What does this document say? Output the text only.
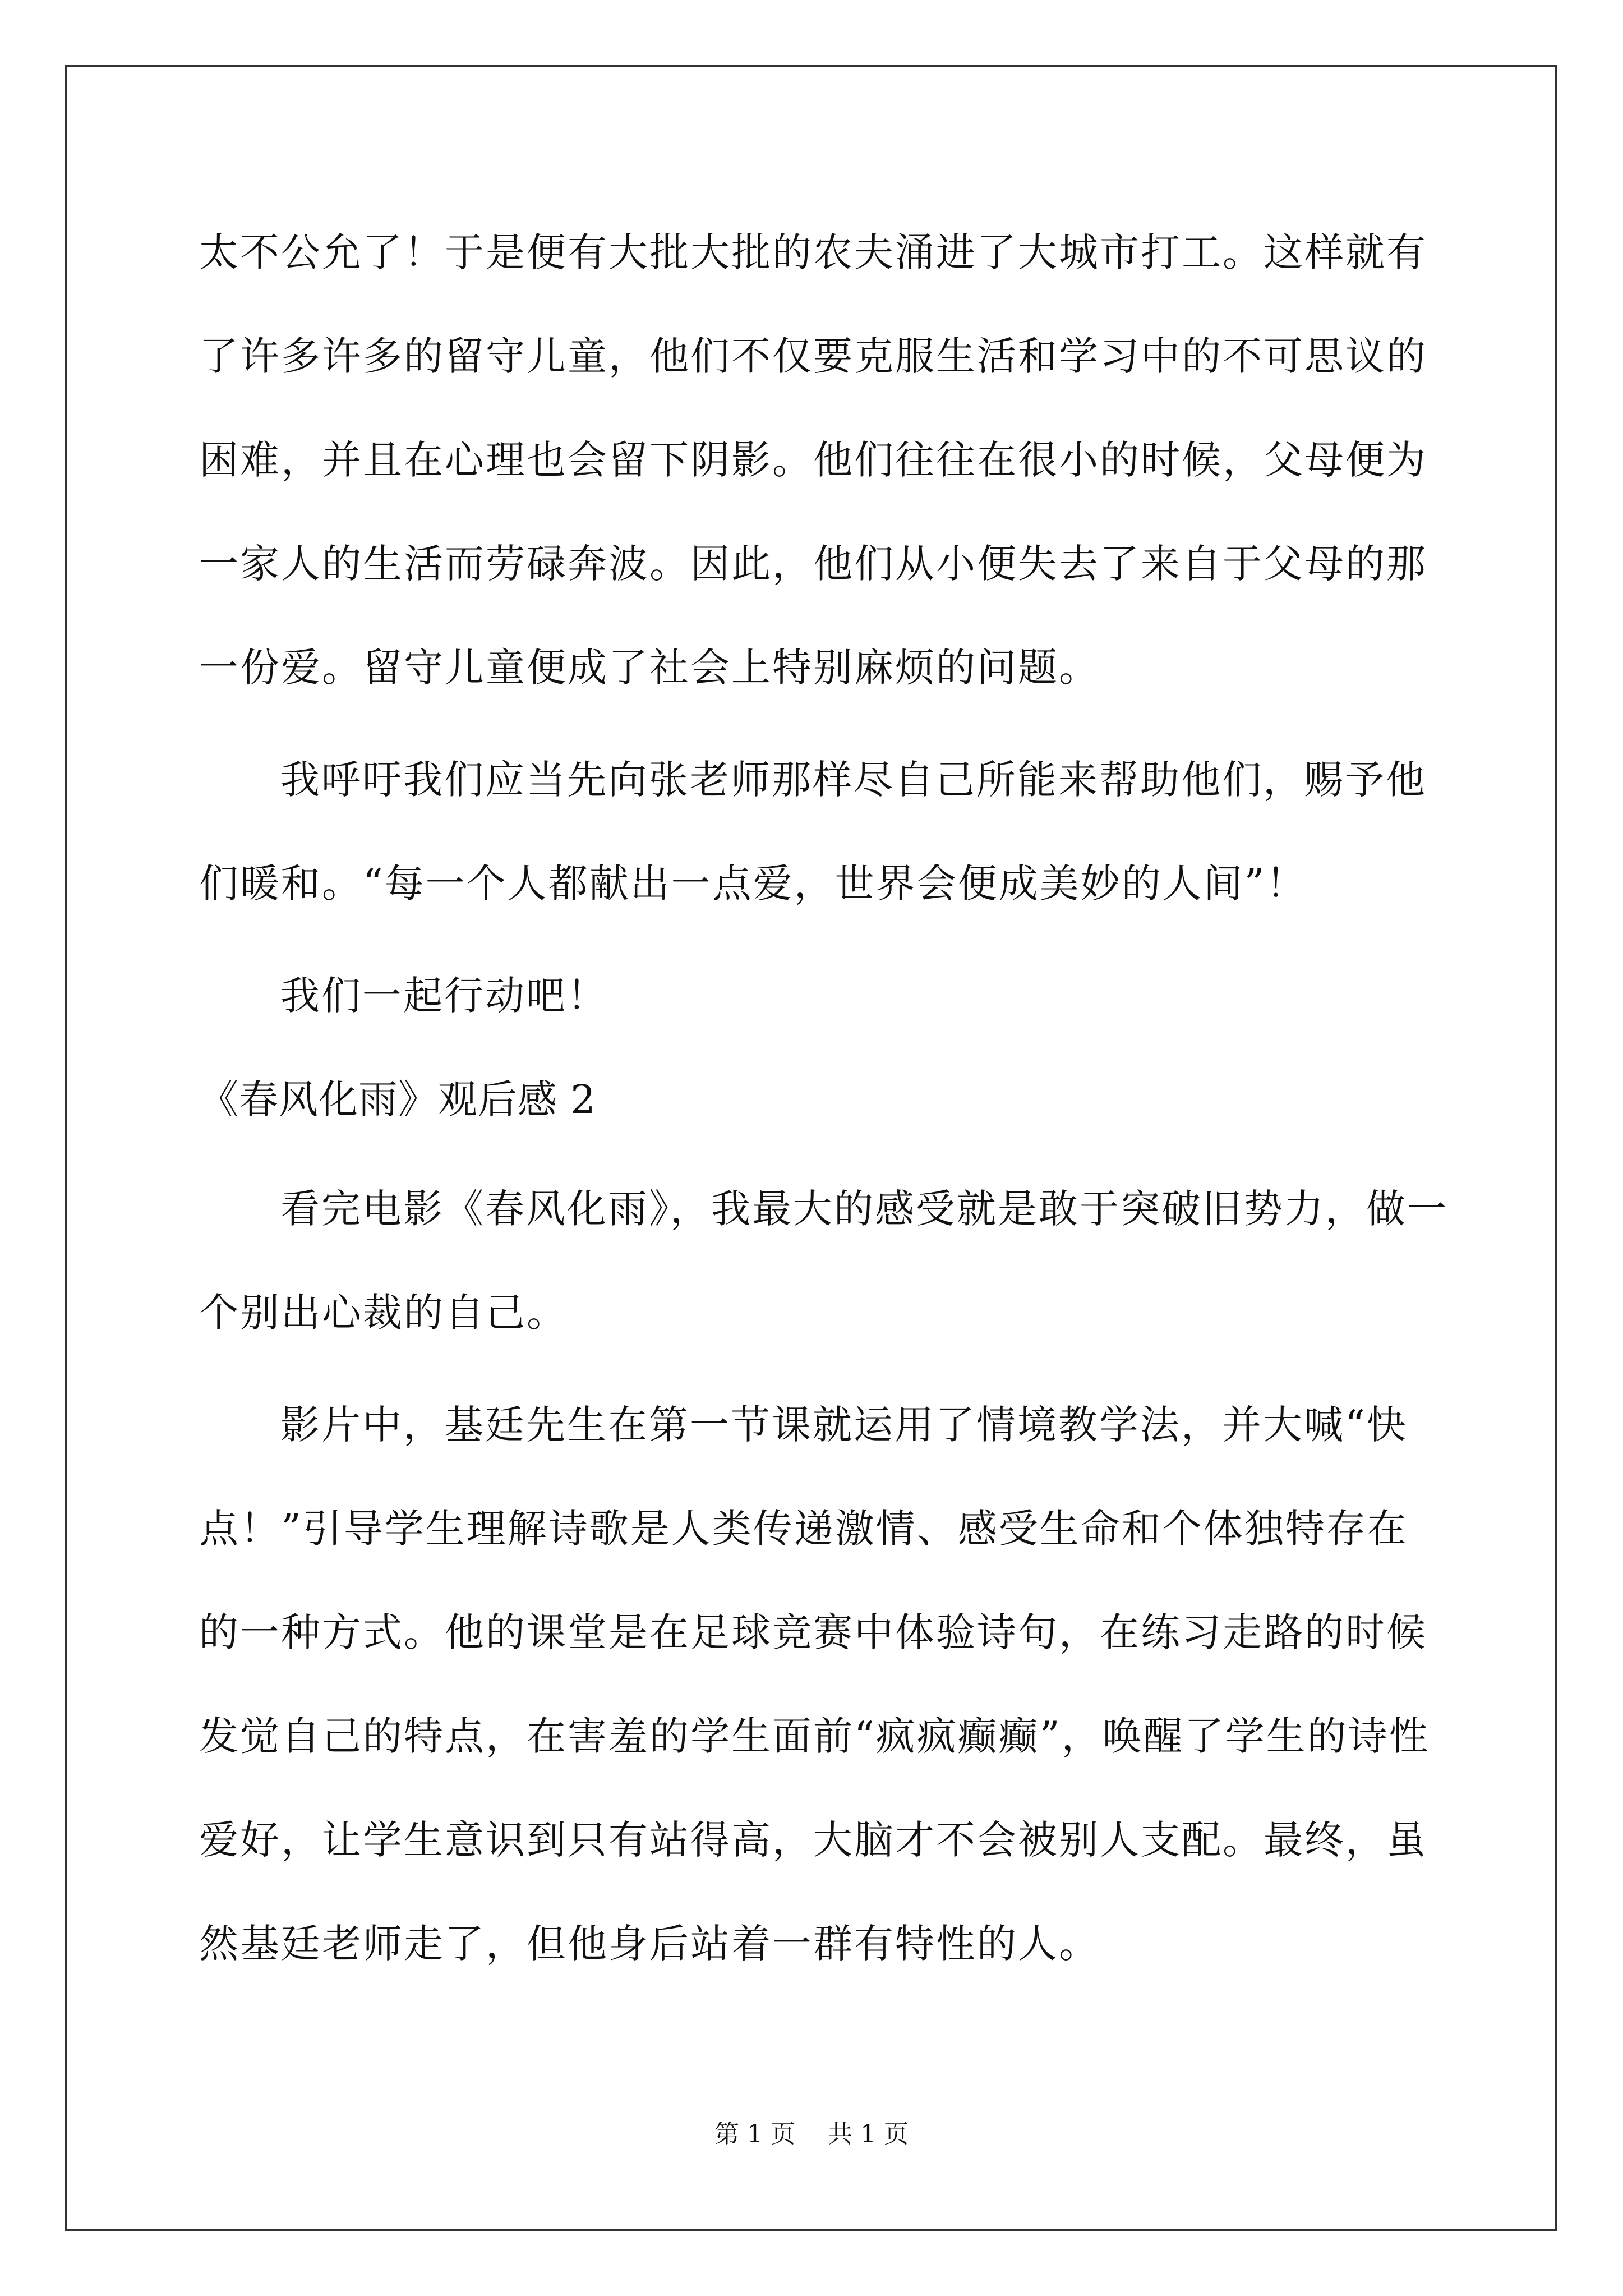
太不公允了！于是便有大批大批的农夫涌进了大城市打工。这样就有
了许多许多的留守儿童，他们不仅要克服生活和学习中的不可思议的
困难，并且在心理也会留下阴影。他们往往在很小的时候，父母便为
一家人的生活而劳碌奔波。因此，他们从小便失去了来自于父母的那
一份爱。留守儿童便成了社会上特别麻烦的问题。
我呼吁我们应当先向张老师那样尽自己所能来帮助他们，赐予他
们暖和。“每一个人都献出一点爱，世界会便成美妙的人间”！
我们一起行动吧！
《春风化雨》观后感 2
看完电影《春风化雨》，我最大的感受就是敢于突破旧势力，做一
个别出心裁的自己。
影片中，基廷先生在第一节课就运用了情境教学法，并大喊“快
点！”引导学生理解诗歌是人类传递激情、感受生命和个体独特存在
的一种方式。他的课堂是在足球竞赛中体验诗句，在练习走路的时候
发觉自己的特点，在害羞的学生面前“疯疯癫癫”，唤醒了学生的诗性
爱好，让学生意识到只有站得高，大脑才不会被别人支配。最终，虽
然基廷老师走了，但他身后站着一群有特性的人。
第 1 页 共 1 页
